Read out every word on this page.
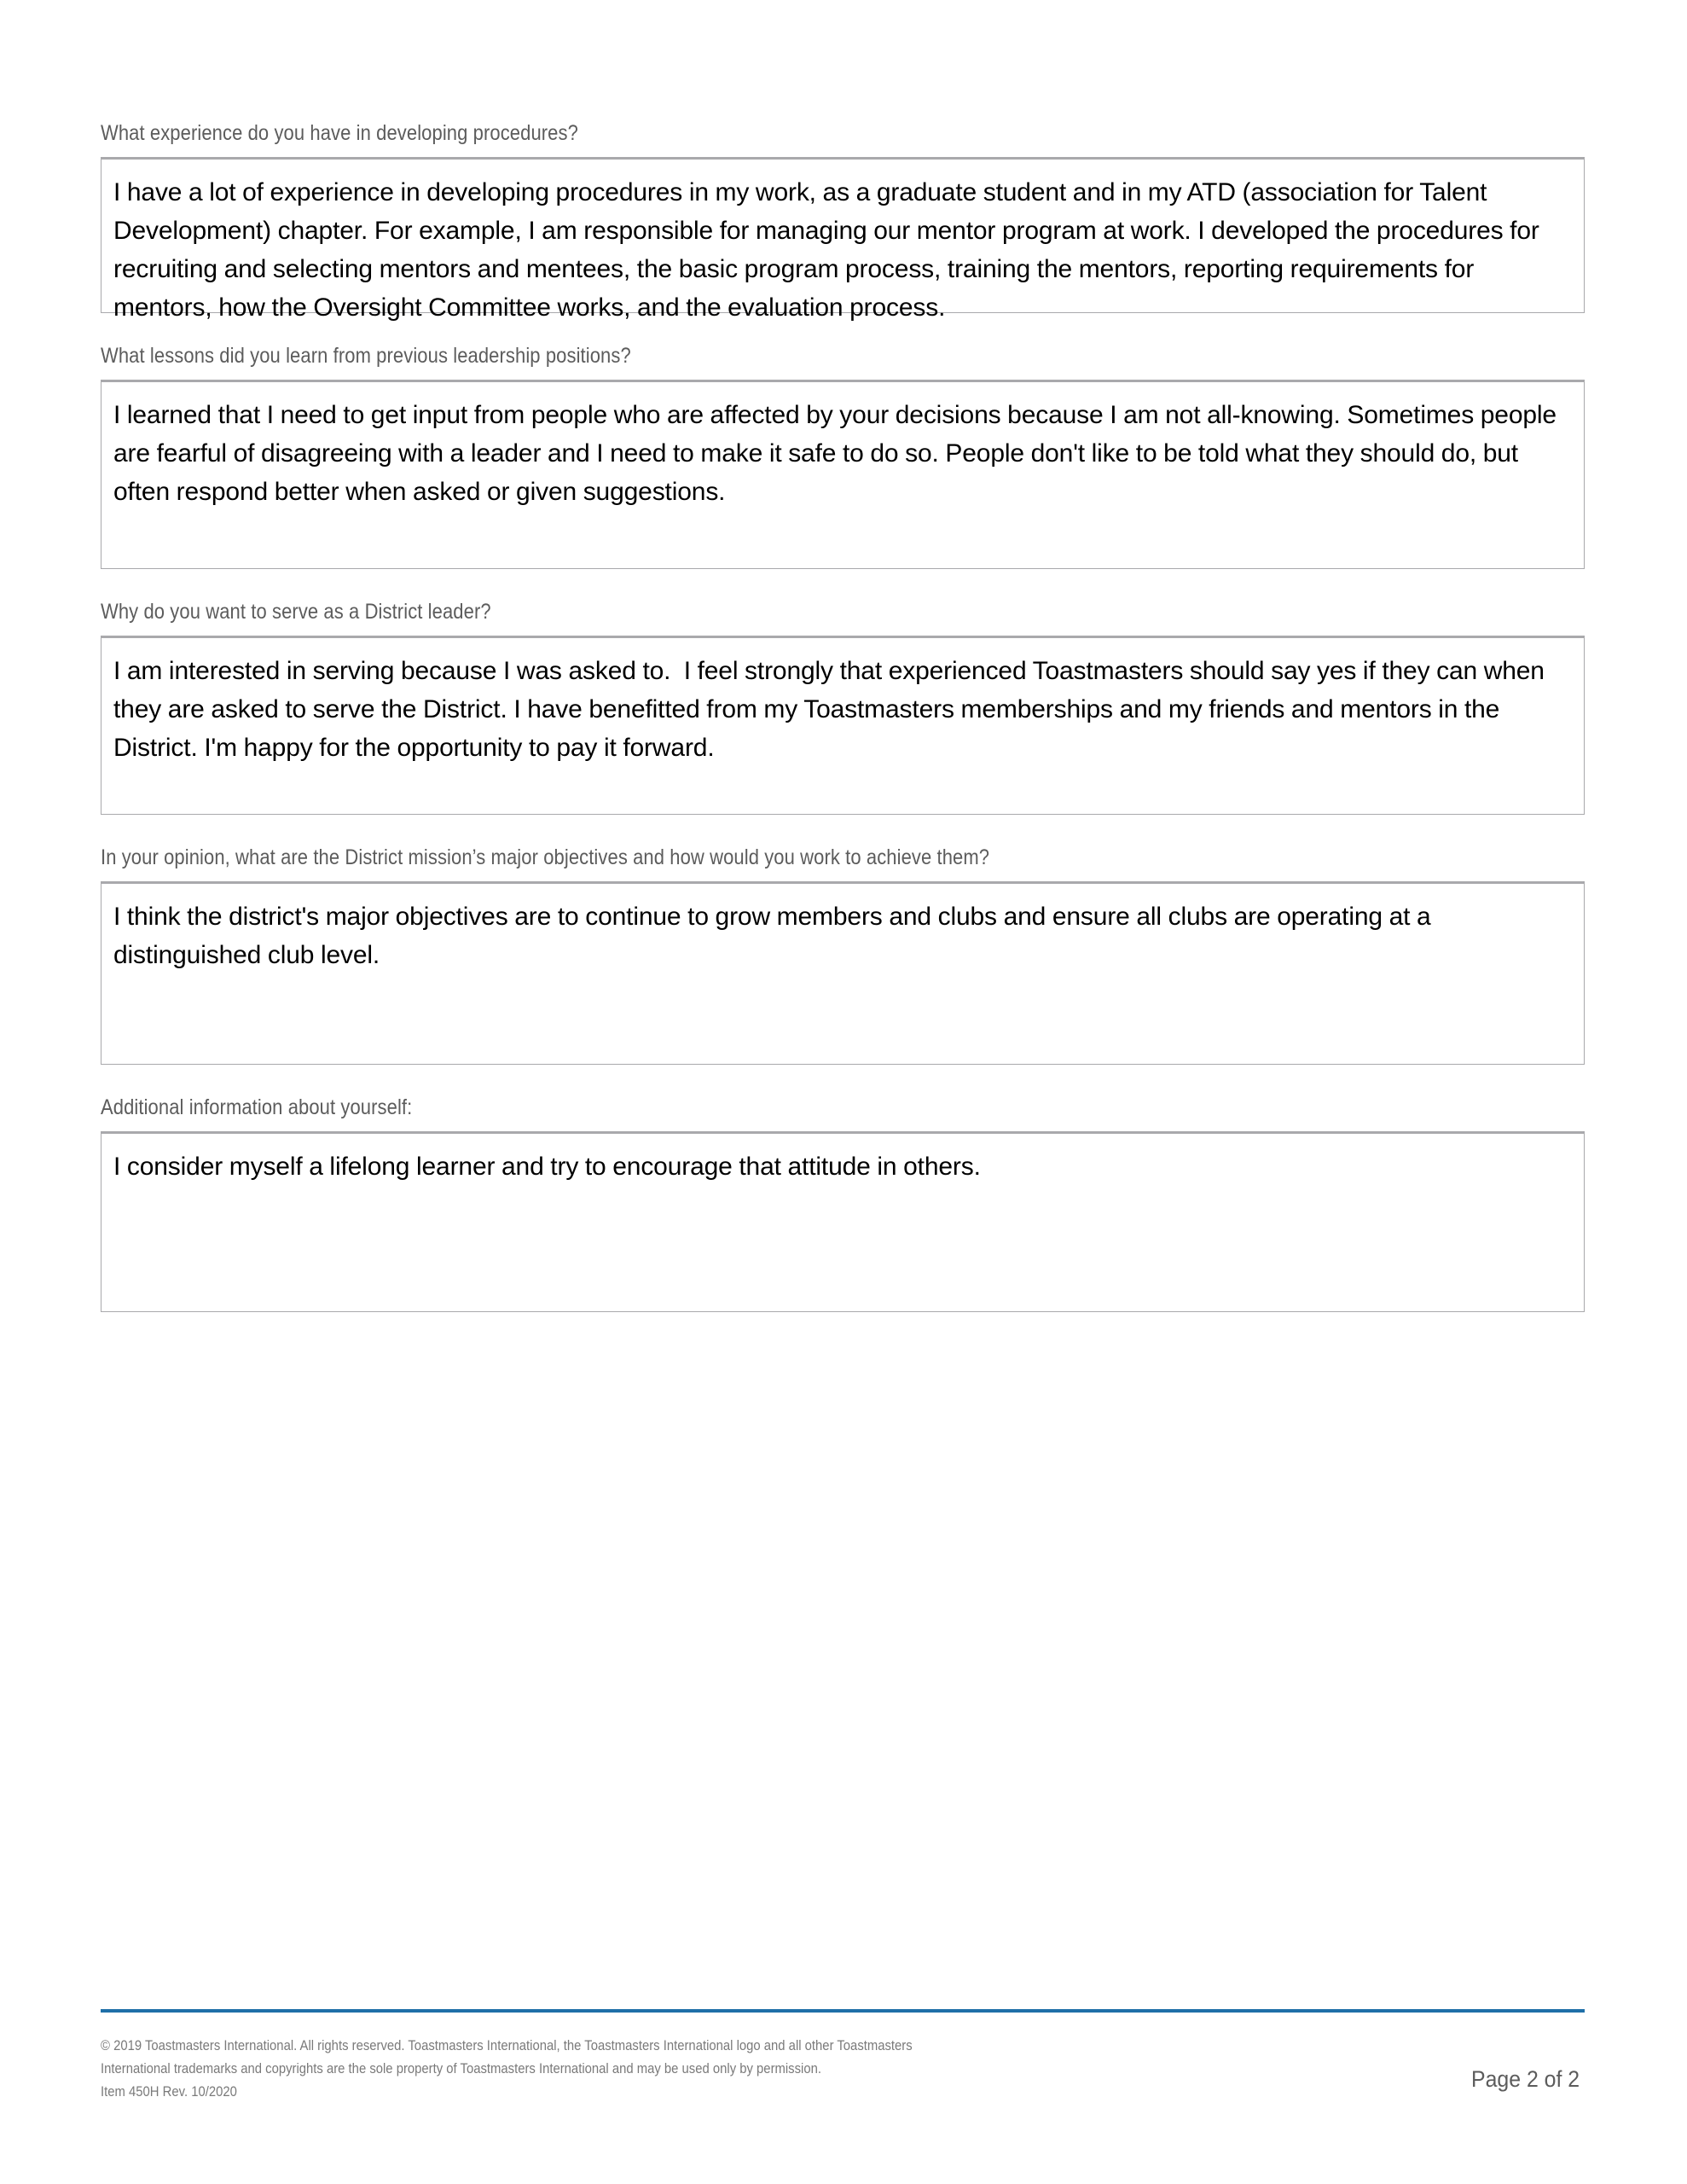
What experience do you have in developing procedures?
I have a lot of experience in developing procedures in my work, as a graduate student and in my ATD (association for Talent Development) chapter. For example, I am responsible for managing our mentor program at work. I developed the procedures for recruiting and selecting mentors and mentees, the basic program process, training the mentors, reporting requirements for mentors, how the Oversight Committee works, and the evaluation process.
What lessons did you learn from previous leadership positions?
I learned that I need to get input from people who are affected by your decisions because I am not all-knowing. Sometimes people are fearful of disagreeing with a leader and I need to make it safe to do so. People don't like to be told what they should do, but often respond better when asked or given suggestions.
Why do you want to serve as a District leader?
I am interested in serving because I was asked to.  I feel strongly that experienced Toastmasters should say yes if they can when they are asked to serve the District. I have benefitted from my Toastmasters memberships and my friends and mentors in the District. I'm happy for the opportunity to pay it forward.
In your opinion, what are the District mission’s major objectives and how would you work to achieve them?
I think the district's major objectives are to continue to grow members and clubs and ensure all clubs are operating at a distinguished club level.
Additional information about yourself:
I consider myself a lifelong learner and try to encourage that attitude in others.
© 2019 Toastmasters International. All rights reserved. Toastmasters International, the Toastmasters International logo and all other Toastmasters
International trademarks and copyrights are the sole property of Toastmasters International and may be used only by permission.
Item 450H Rev. 10/2020	Page 2 of 2
